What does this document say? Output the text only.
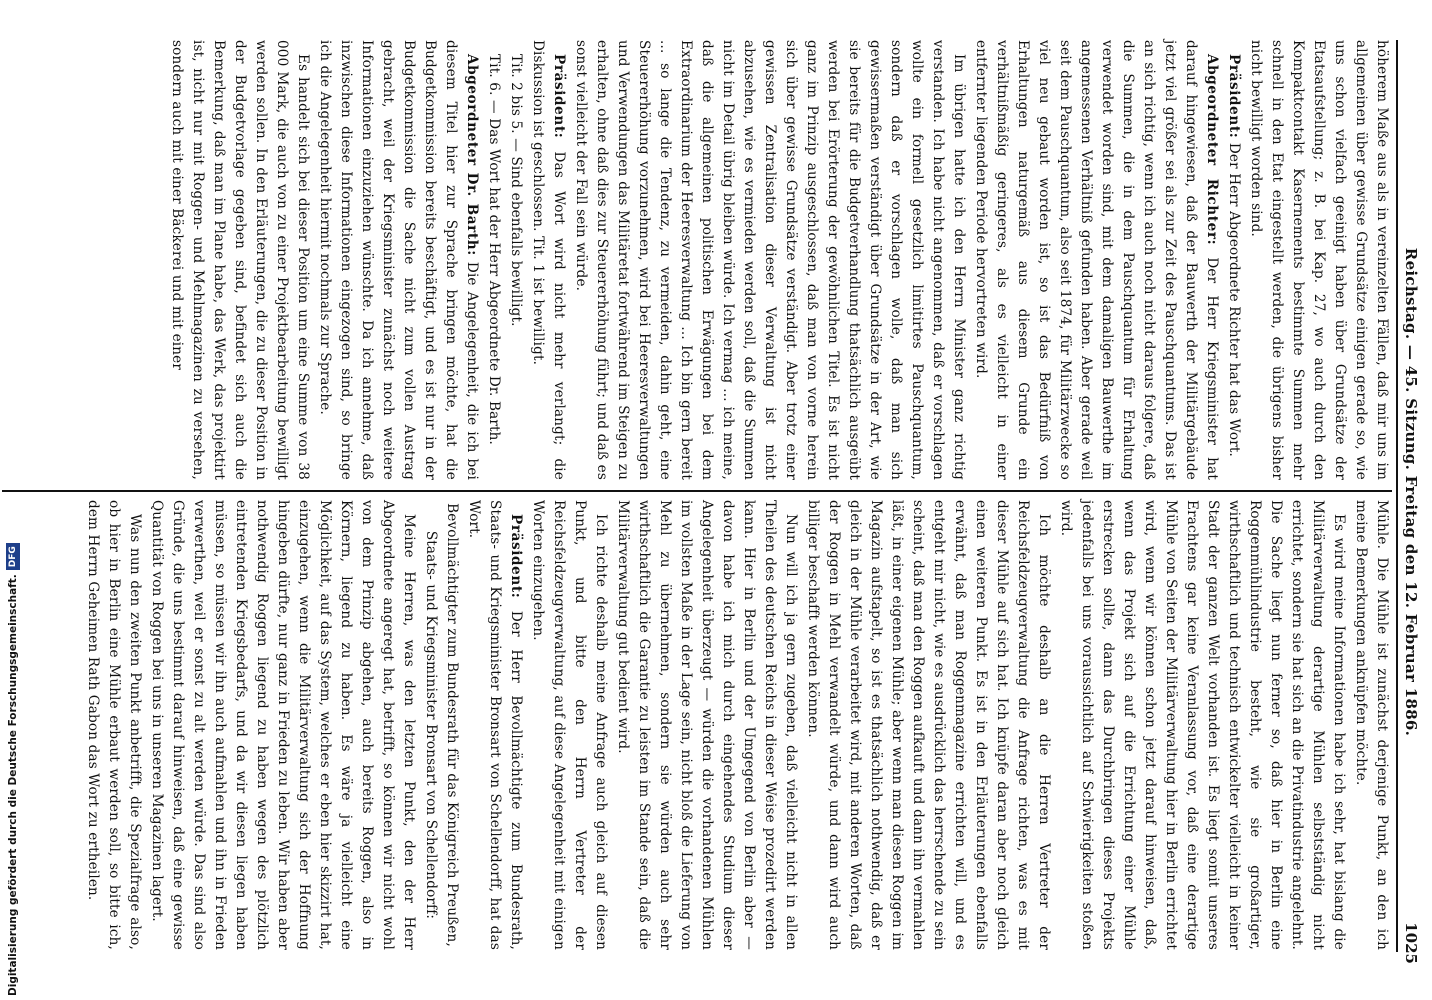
Reichstag. — 45. Sitzung. Freitag den 12. Februar 1886.
1025

höherem Maße aus als in vereinzelten Fällen, daß mir uns im allgemeinen über gewisse Grundsätze einigen gerade so, wie uns schon vielfach geeinigt haben über Grundsätze der Etatsaufstellung; z. B. bei Kap. 27, wo auch durch den Kompaktcontakt Kasernements bestimmte Summen mehr schnell in den Etat eingestellt werden, die übrigens bisher nicht bewilligt worden sind.

Präsident: Der Herr Abgeordnete Richter hat das Wort.

Abgeordneter Richter: Der Herr Kriegsminister hat darauf hingewiesen, daß der Bauwerth der Militärgebäude jetzt viel größer sei als zur Zeit des Pauschquantums. Das ist an sich richtig, wenn ich auch noch nicht daraus folgere, daß die Summen, die in dem Pauschquantum für Erhaltung verwendet worden sind, mit dem damaligen Bauwerthe im angemessenen Verhältniß gefunden haben. Aber gerade weil seit dem Pauschquantum, also seit 1874, für Militärzwecke so viel neu gebaut worden ist, so ist das Bedürfniß von Erhaltungen naturgemäß aus diesem Grunde ein verhältnißmäßig geringeres, als es vielleicht in einer entfernter liegenden Periode hervortreten wird.

Im übrigen hatte ich den Herrn Minister ganz richtig verstanden. Ich habe nicht angenommen, daß er vorschlagen wollte ein formell gesetzlich limitirtes Pauschquantum, sondern daß er vorschlagen wolle, daß man sich gewissermaßen verständigt über Grundsätze in der Art, wie sie bereits für die Budgetverhandlung thatsächlich ausgeübt werden bei Erörterung der gewöhnlichen Titel. Es ist nicht ganz im Prinzip ausgeschlossen, daß man von vorne herein sich über gewisse Grundsätze verständigt. Aber trotz einer gewissen Zentralisation dieser Verwaltung ist nicht abzusehen, wie es vermieden werden soll, daß die Summen nicht im Detail übrig bleiben würde. Ich vermag ... ich meine, daß die allgemeinen politischen Erwägungen bei dem Extraordinarium der Heeresverwaltung ... Ich bin gern bereit ... so lange die Tendenz, zu vermeiden, dahin geht, eine Steuererhöhung vorzunehmen, wird bei Heeresverwaltungen und Verwendungen das Militäretat fortwährend im Steigen zu erhalten, ohne daß dies zur Steuererhöhung führt; und daß es sonst vielleicht der Fall sein würde.

Präsident: Das Wort wird nicht mehr verlangt; die Diskussion ist geschlossen. Tit. 1 ist bewilligt.

Tit. 2 bis 5. — Sind ebenfalls bewilligt.

Tit. 6. — Das Wort hat der Herr Abgeordnete Dr. Barth.

Abgeordneter Dr. Barth: Die Angelegenheit, die ich bei diesem Titel hier zur Sprache bringen möchte, hat die Budgetkommission bereits beschäftigt, und es ist nur in der Budgetkommission die Sache nicht zum vollen Austrag gebracht, weil der Kriegsminister zunächst noch weitere Informationen einzuziehen wünschte. Da ich annehme, daß inzwischen diese Informationen eingezogen sind, so bringe ich die Angelegenheit hiermit nochmals zur Sprache.

Es handelt sich bei dieser Position um eine Summe von 38 000 Mark, die auch von zu einer Projektbearbeitung bewilligt werden sollen. In den Erläuterungen, die zu dieser Position in der Budgetvorlage gegeben sind, befindet sich auch die Bemerkung, daß man im Plane habe, das Werk, das projektirt ist, nicht nur mit Roggen- und Mehlmagazinen zu versehen, sondern auch mit einer Bäckerei und mit einer

Mühle. Die Mühle ist zunächst derjenige Punkt, an den ich meine Bemerkungen anknüpfen möchte.

Es wird meine Informationen habe ich sehr, hat bislang die Militärverwaltung derartige Mühlen selbstständig nicht errichtet, sondern sie hat sich an die Privatindustrie angelehnt. Die Sache liegt nun ferner so, daß hier in Berlin eine Roggenmühlindustrie besteht, wie sie großartiger, wirthschaftlich und technisch entwickelter vielleicht in keiner Stadt der ganzen Welt vorhanden ist. Es liegt somit unseres Erachtens gar keine Veranlassung vor, daß eine derartige Mühle von Seiten der Militärverwaltung hier in Berlin errichtet wird, wenn wir können schon jetzt darauf hinweisen, daß, wenn das Projekt sich auf die Errichtung einer Mühle erstrecken sollte, dann das Durchbringen dieses Projekts jedenfalls bei uns voraussichtlich auf Schwierigkeiten stoßen wird.

Ich möchte deshalb an die Herren Vertreter der Reichsfeldzeugverwaltung die Anfrage richten, was es mit dieser Mühle auf sich hat. Ich knüpfe daran aber noch gleich einen weiteren Punkt. Es ist in den Erläuterungen ebenfalls erwähnt, daß man Roggenmagazine errichten will, und es entgeht mir nicht, wie es ausdrücklich das herrschende zu sein scheint, daß man den Roggen aufkauft und dann ihn vermahlen läßt, in einer eigenen Mühle; aber wenn man diesen Roggen im Magazin aufstapelt, so ist es thatsächlich nothwendig, daß er gleich in der Mühle verarbeitet wird, mit anderen Worten, daß der Roggen in Mehl verwandelt würde, und dann wird auch billiger beschafft werden können.

Nun will ich ja gern zugeben, daß vielleicht nicht in allen Theilen des deutschen Reichs in dieser Weise prozedirt werden kann. Hier in Berlin und der Umgegend von Berlin aber — davon habe ich mich durch eingehendes Studium dieser Angelegenheit überzeugt — würden die vorhandenen Mühlen im vollsten Maße in der Lage sein, nicht bloß die Lieferung von Mehl zu übernehmen, sondern sie würden auch sehr wirthschaftlich die Garantie zu leisten im Stande sein, daß die Militärverwaltung gut bedient wird.

Ich richte deshalb meine Anfrage auch gleich auf diesen Punkt, und bitte den Herrn Vertreter der Reichsfeldzeugverwaltung, auf diese Angelegenheit mit einigen Worten einzugehen.

Präsident: Der Herr Bevollmächtigte zum Bundesrath, Staats- und Kriegsminister Bronsart von Schellendorff, hat das Wort.

Bevollmächtigter zum Bundesrath für das Königreich Preußen, Staats- und Kriegsminister Bronsart von Schellendorff:

Meine Herren, was den letzten Punkt, den der Herr Abgeordnete angeregt hat, betrifft, so können wir nicht wohl von dem Prinzip abgehen, auch bereits Roggen, also in Körnern, liegend zu haben. Es wäre ja vielleicht eine Möglichkeit, auf das System, welches er eben hier skizzirt hat, einzugehen, wenn die Militärverwaltung sich der Hoffnung hingeben dürfte, nur ganz in Frieden zu leben. Wir haben aber nothwendig Roggen liegend zu haben wegen des plötzlich eintretenden Kriegsbedarfs, und da wir diesen liegen haben müssen, so müssen wir ihn auch aufmahlen und ihn in Frieden verwerthen, weil er sonst zu alt werden würde. Das sind also Gründe, die uns bestimmt darauf hinweisen, daß eine gewisse Quantität von Roggen bei uns in unseren Magazinen lagert.

Was nun den zweiten Punkt anbetrifft, die Spezialfrage also, ob hier in Berlin eine Mühle erbaut werden soll, so bitte ich, dem Herrn Geheimen Rath Gabon das Wort zu ertheilen.

Digitalisierung gefördert durch die Deutsche Forschungsgemeinschaft.DFG
